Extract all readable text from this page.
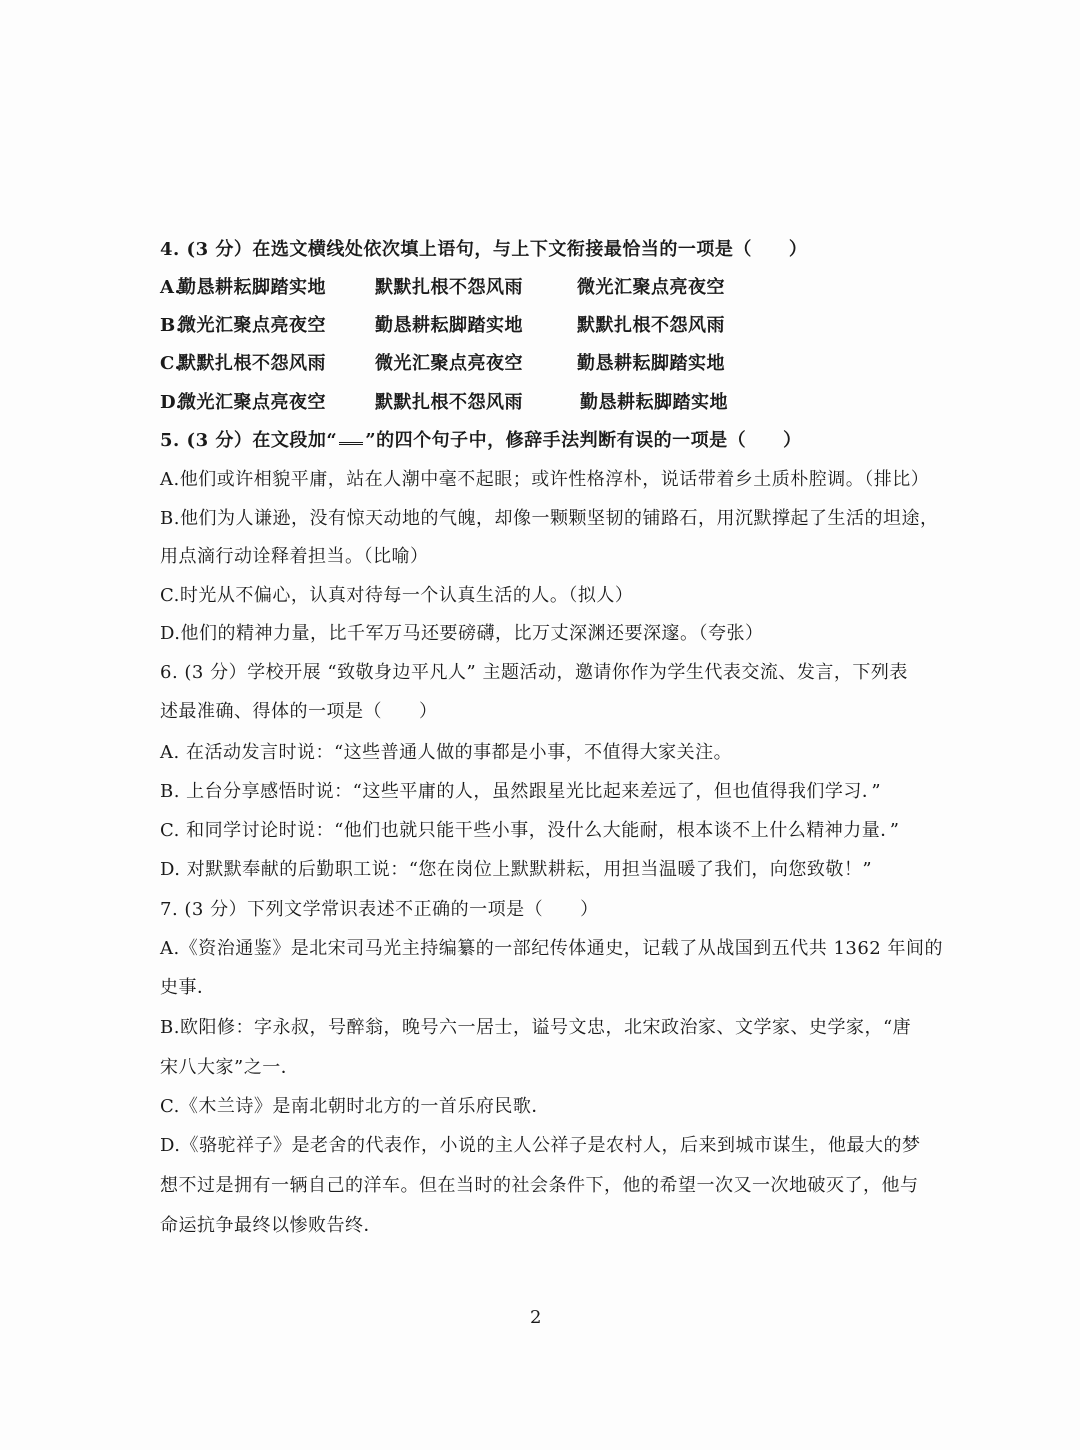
4. (3 分）在选文横线处依次填上语句，与上下文衔接最恰当的一项是（　　）
A.
勤恳耕耘脚踏实地	默默扎根不怨风雨	微光汇聚点亮夜空
B.
微光汇聚点亮夜空	勤恳耕耘脚踏实地	默默扎根不怨风雨
C.
默默扎根不怨风雨	微光汇聚点亮夜空	勤恳耕耘脚踏实地
D.
微光汇聚点亮夜空	默默扎根不怨风雨	勤恳耕耘脚踏实地
5. (3 分）在文段加“ ”的四个句子中，修辞手法判断有误的一项是（　　）
A.他们或许相貌平庸，站在人潮中毫不起眼；或许性格淳朴，说话带着乡土质朴腔调。（排比）
B.他们为人谦逊，没有惊天动地的气魄，却像一颗颗坚韧的铺路石，用沉默撑起了生活的坦途，
用点滴行动诠释着担当。（比喻）
C.时光从不偏心，认真对待每一个认真生活的人。（拟人）
D.他们的精神力量，比千军万马还要磅礴，比万丈深渊还要深邃。（夸张）
6. (3 分）学校开展 “致敬身边平凡人” 主题活动，邀请你作为学生代表交流、发言，下列表
述最准确、得体的一项是（　　）
A. 在活动发言时说：“这些普通人做的事都是小事，不值得大家关注。
B. 上台分享感悟时说：“这些平庸的人，虽然跟星光比起来差远了，但也值得我们学习．”
C. 和同学讨论时说：“他们也就只能干些小事，没什么大能耐，根本谈不上什么精神力量．”
D. 对默默奉献的后勤职工说：“您在岗位上默默耕耘，用担当温暖了我们，向您致敬！”
7. (3 分）下列文学常识表述不正确的一项是（　　）
A.《资治通鉴》是北宋司马光主持编纂的一部纪传体通史，记载了从战国到五代共 1362 年间的
史事．
B.欧阳修：字永叔，号醉翁，晚号六一居士，谥号文忠，北宋政治家、文学家、史学家，“唐
宋八大家”之一．
C.《木兰诗》是南北朝时北方的一首乐府民歌．
D.《骆驼祥子》是老舍的代表作，小说的主人公祥子是农村人，后来到城市谋生，他最大的梦
想不过是拥有一辆自己的洋车。但在当时的社会条件下，他的希望一次又一次地破灭了，他与
命运抗争最终以惨败告终．
2
